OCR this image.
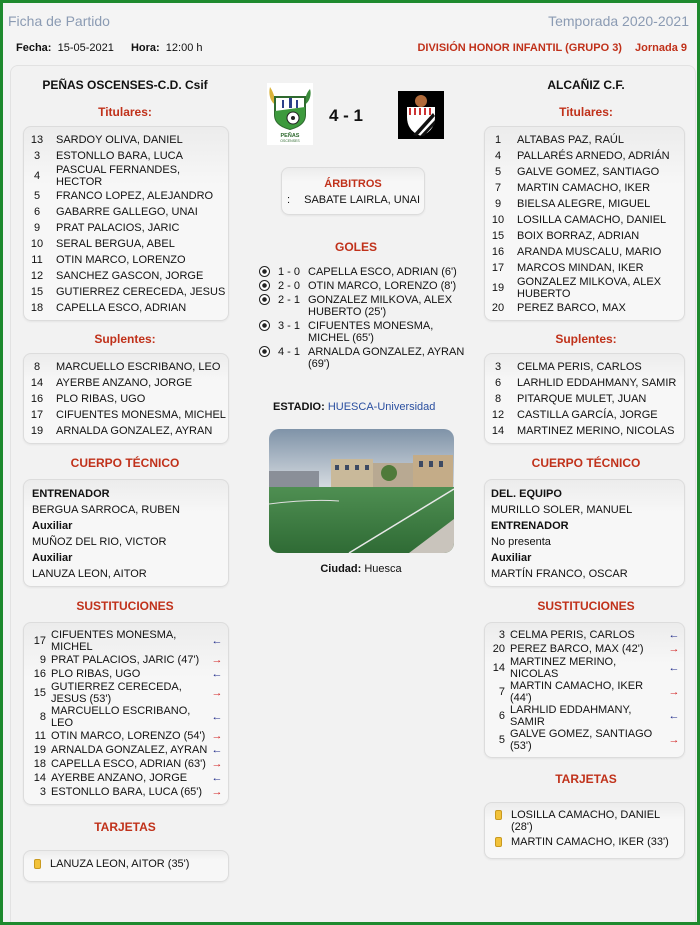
Ficha de Partido	Temporada 2020-2021
Fecha: 15-05-2021 Hora: 12:00 h	DIVISIÓN HONOR INFANTIL (GRUPO 3) Jornada 9
PEÑAS OSCENSES-C.D. Csif
Titulares:
13	SARDOY OLIVA, DANIEL
3	ESTONLLO BARA, LUCA
4	PASCUAL FERNANDES, HECTOR
5	FRANCO LOPEZ, ALEJANDRO
6	GABARRE GALLEGO, UNAI
9	PRAT PALACIOS, JARIC
10	SERAL BERGUA, ABEL
11	OTIN MARCO, LORENZO
12	SANCHEZ GASCON, JORGE
15	GUTIERREZ CERECEDA, JESUS
18	CAPELLA ESCO, ADRIAN
Suplentes:
8	MARCUELLO ESCRIBANO, LEO
14	AYERBE ANZANO, JORGE
16	PLO RIBAS, UGO
17	CIFUENTES MONESMA, MICHEL
19	ARNALDA GONZALEZ, AYRAN
CUERPO TÉCNICO
ENTRENADOR
BERGUA SARROCA, RUBEN
Auxiliar
MUÑOZ DEL RIO, VICTOR
Auxiliar
LANUZA LEON, AITOR
SUSTITUCIONES
17 CIFUENTES MONESMA, MICHEL	←
9 PRAT PALACIOS, JARIC (47')	→
16 PLO RIBAS, UGO	←
15 GUTIERREZ CERECEDA, JESUS (53')	→
8 MARCUELLO ESCRIBANO, LEO	←
11 OTIN MARCO, LORENZO (54') →
19 ARNALDA GONZALEZ, AYRAN ←
18 CAPELLA ESCO, ADRIAN (63') →
14 AYERBE ANZANO, JORGE	←
3 ESTONLLO BARA, LUCA (65') →
TARJETAS
LANUZA LEON, AITOR (35')
PEÑAS
OSCENSES
4 - 1
ÁRBITROS
: SABATE LAIRLA, UNAI
GOLES
1 - 0 CAPELLA ESCO, ADRIAN (6')
2 - 0 OTIN MARCO, LORENZO (8')
2 - 1 GONZALEZ MILKOVA, ALEX HUBERTO (25')
3 - 1 CIFUENTES MONESMA, MICHEL (65')
4 - 1 ARNALDA GONZALEZ, AYRAN (69')
ESTADIO: HUESCA-Universidad
Ciudad: Huesca
ALCAÑIZ C.F.
Titulares:
1	ALTABAS PAZ, RAÚL
4	PALLARÉS ARNEDO, ADRIÁN
5	GALVE GOMEZ, SANTIAGO
7	MARTIN CAMACHO, IKER
9	BIELSA ALEGRE, MIGUEL
10	LOSILLA CAMACHO, DANIEL
15	BOIX BORRAZ, ADRIAN
16	ARANDA MUSCALU, MARIO
17	MARCOS MINDAN, IKER
19	GONZALEZ MILKOVA, ALEX HUBERTO
20	PEREZ BARCO, MAX
Suplentes:
3	CELMA PERIS, CARLOS
6	LARHLID EDDAHMANY, SAMIR
8	PITARQUE MULET, JUAN
12	CASTILLA GARCÍA, JORGE
14	MARTINEZ MERINO, NICOLAS
CUERPO TÉCNICO
DEL. EQUIPO
MURILLO SOLER, MANUEL
ENTRENADOR
No presenta
Auxiliar
MARTÍN FRANCO, OSCAR
SUSTITUCIONES
3 CELMA PERIS, CARLOS	←
20 PEREZ BARCO, MAX (42')	→
14 MARTINEZ MERINO, NICOLAS	←
7 MARTIN CAMACHO, IKER (44')	→
6 LARHLID EDDAHMANY, SAMIR	←
5 GALVE GOMEZ, SANTIAGO (53')	→
TARJETAS
LOSILLA CAMACHO, DANIEL (28')
MARTIN CAMACHO, IKER (33')
